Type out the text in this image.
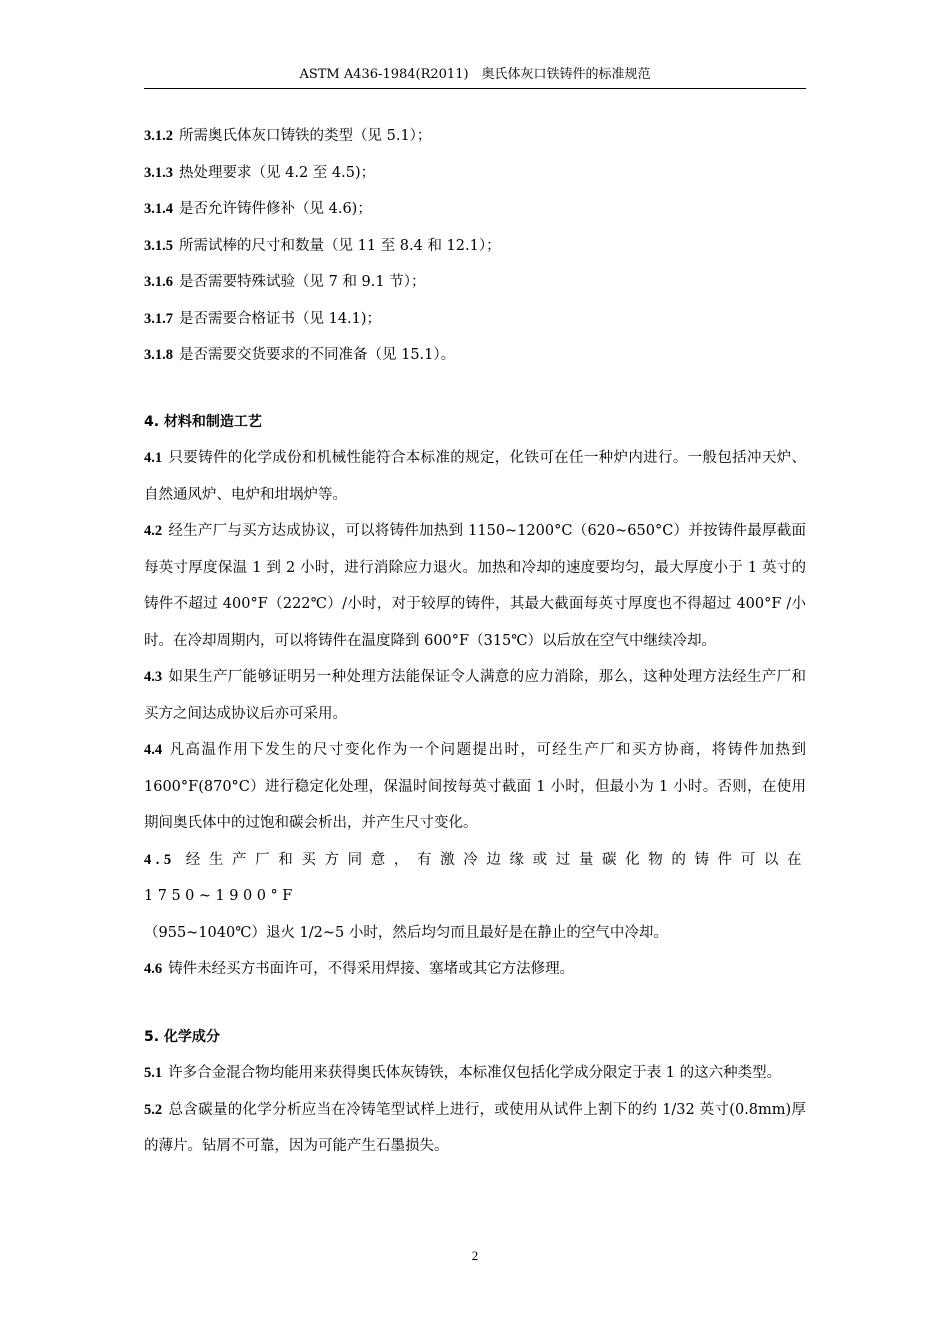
ASTM A436-1984(R2011)　奥氏体灰口铁铸件的标准规范

3.1.2 所需奥氏体灰口铸铁的类型（见 5.1）；

3.1.3 热处理要求（见 4.2 至 4.5)；

3.1.4 是否允许铸件修补（见 4.6)；

3.1.5 所需试棒的尺寸和数量（见 11 至 8.4 和 12.1）；

3.1.6 是否需要特殊试验（见 7 和 9.1 节）；

3.1.7 是否需要合格证书（见 14.1)；

3.1.8 是否需要交货要求的不同准备（见 15.1）。

4. 材料和制造工艺

4.1 只要铸件的化学成份和机械性能符合本标准的规定，化铁可在任一种炉内进行。一般包括冲天炉、自然通风炉、电炉和坩埚炉等。

4.2 经生产厂与买方达成协议，可以将铸件加热到 1150~1200°C（620~650°C）并按铸件最厚截面每英寸厚度保温 1 到 2 小时，进行消除应力退火。加热和冷却的速度要均匀，最大厚度小于 1 英寸的铸件不超过 400°F（222℃）/小时，对于较厚的铸件，其最大截面每英寸厚度也不得超过 400°F /小时。在冷却周期内，可以将铸件在温度降到 600°F（315℃）以后放在空气中继续冷却。

4.3 如果生产厂能够证明另一种处理方法能保证令人满意的应力消除，那么，这种处理方法经生产厂和买方之间达成协议后亦可采用。

4.4 凡高温作用下发生的尺寸变化作为一个问题提出时，可经生产厂和买方协商，将铸件加热到 1600°F(870°C）进行稳定化处理，保温时间按每英寸截面 1 小时，但最小为 1 小时。否则，在使用期间奥氏体中的过饱和碳会析出，并产生尺寸变化。

4.5 经生产厂和买方同意，有激冷边缘或过量碳化物的铸件可以在 1750~1900°F

（955~1040℃）退火 1/2~5 小时，然后均匀而且最好是在静止的空气中冷却。

4.6 铸件未经买方书面许可，不得采用焊接、塞堵或其它方法修理。

5. 化学成分

5.1 许多合金混合物均能用来获得奥氏体灰铸铁，本标准仅包括化学成分限定于表 1 的这六种类型。

5.2 总含碳量的化学分析应当在冷铸笔型试样上进行，或使用从试件上割下的约 1/32 英寸(0.8mm)厚的薄片。钻屑不可靠，因为可能产生石墨损失。

2
